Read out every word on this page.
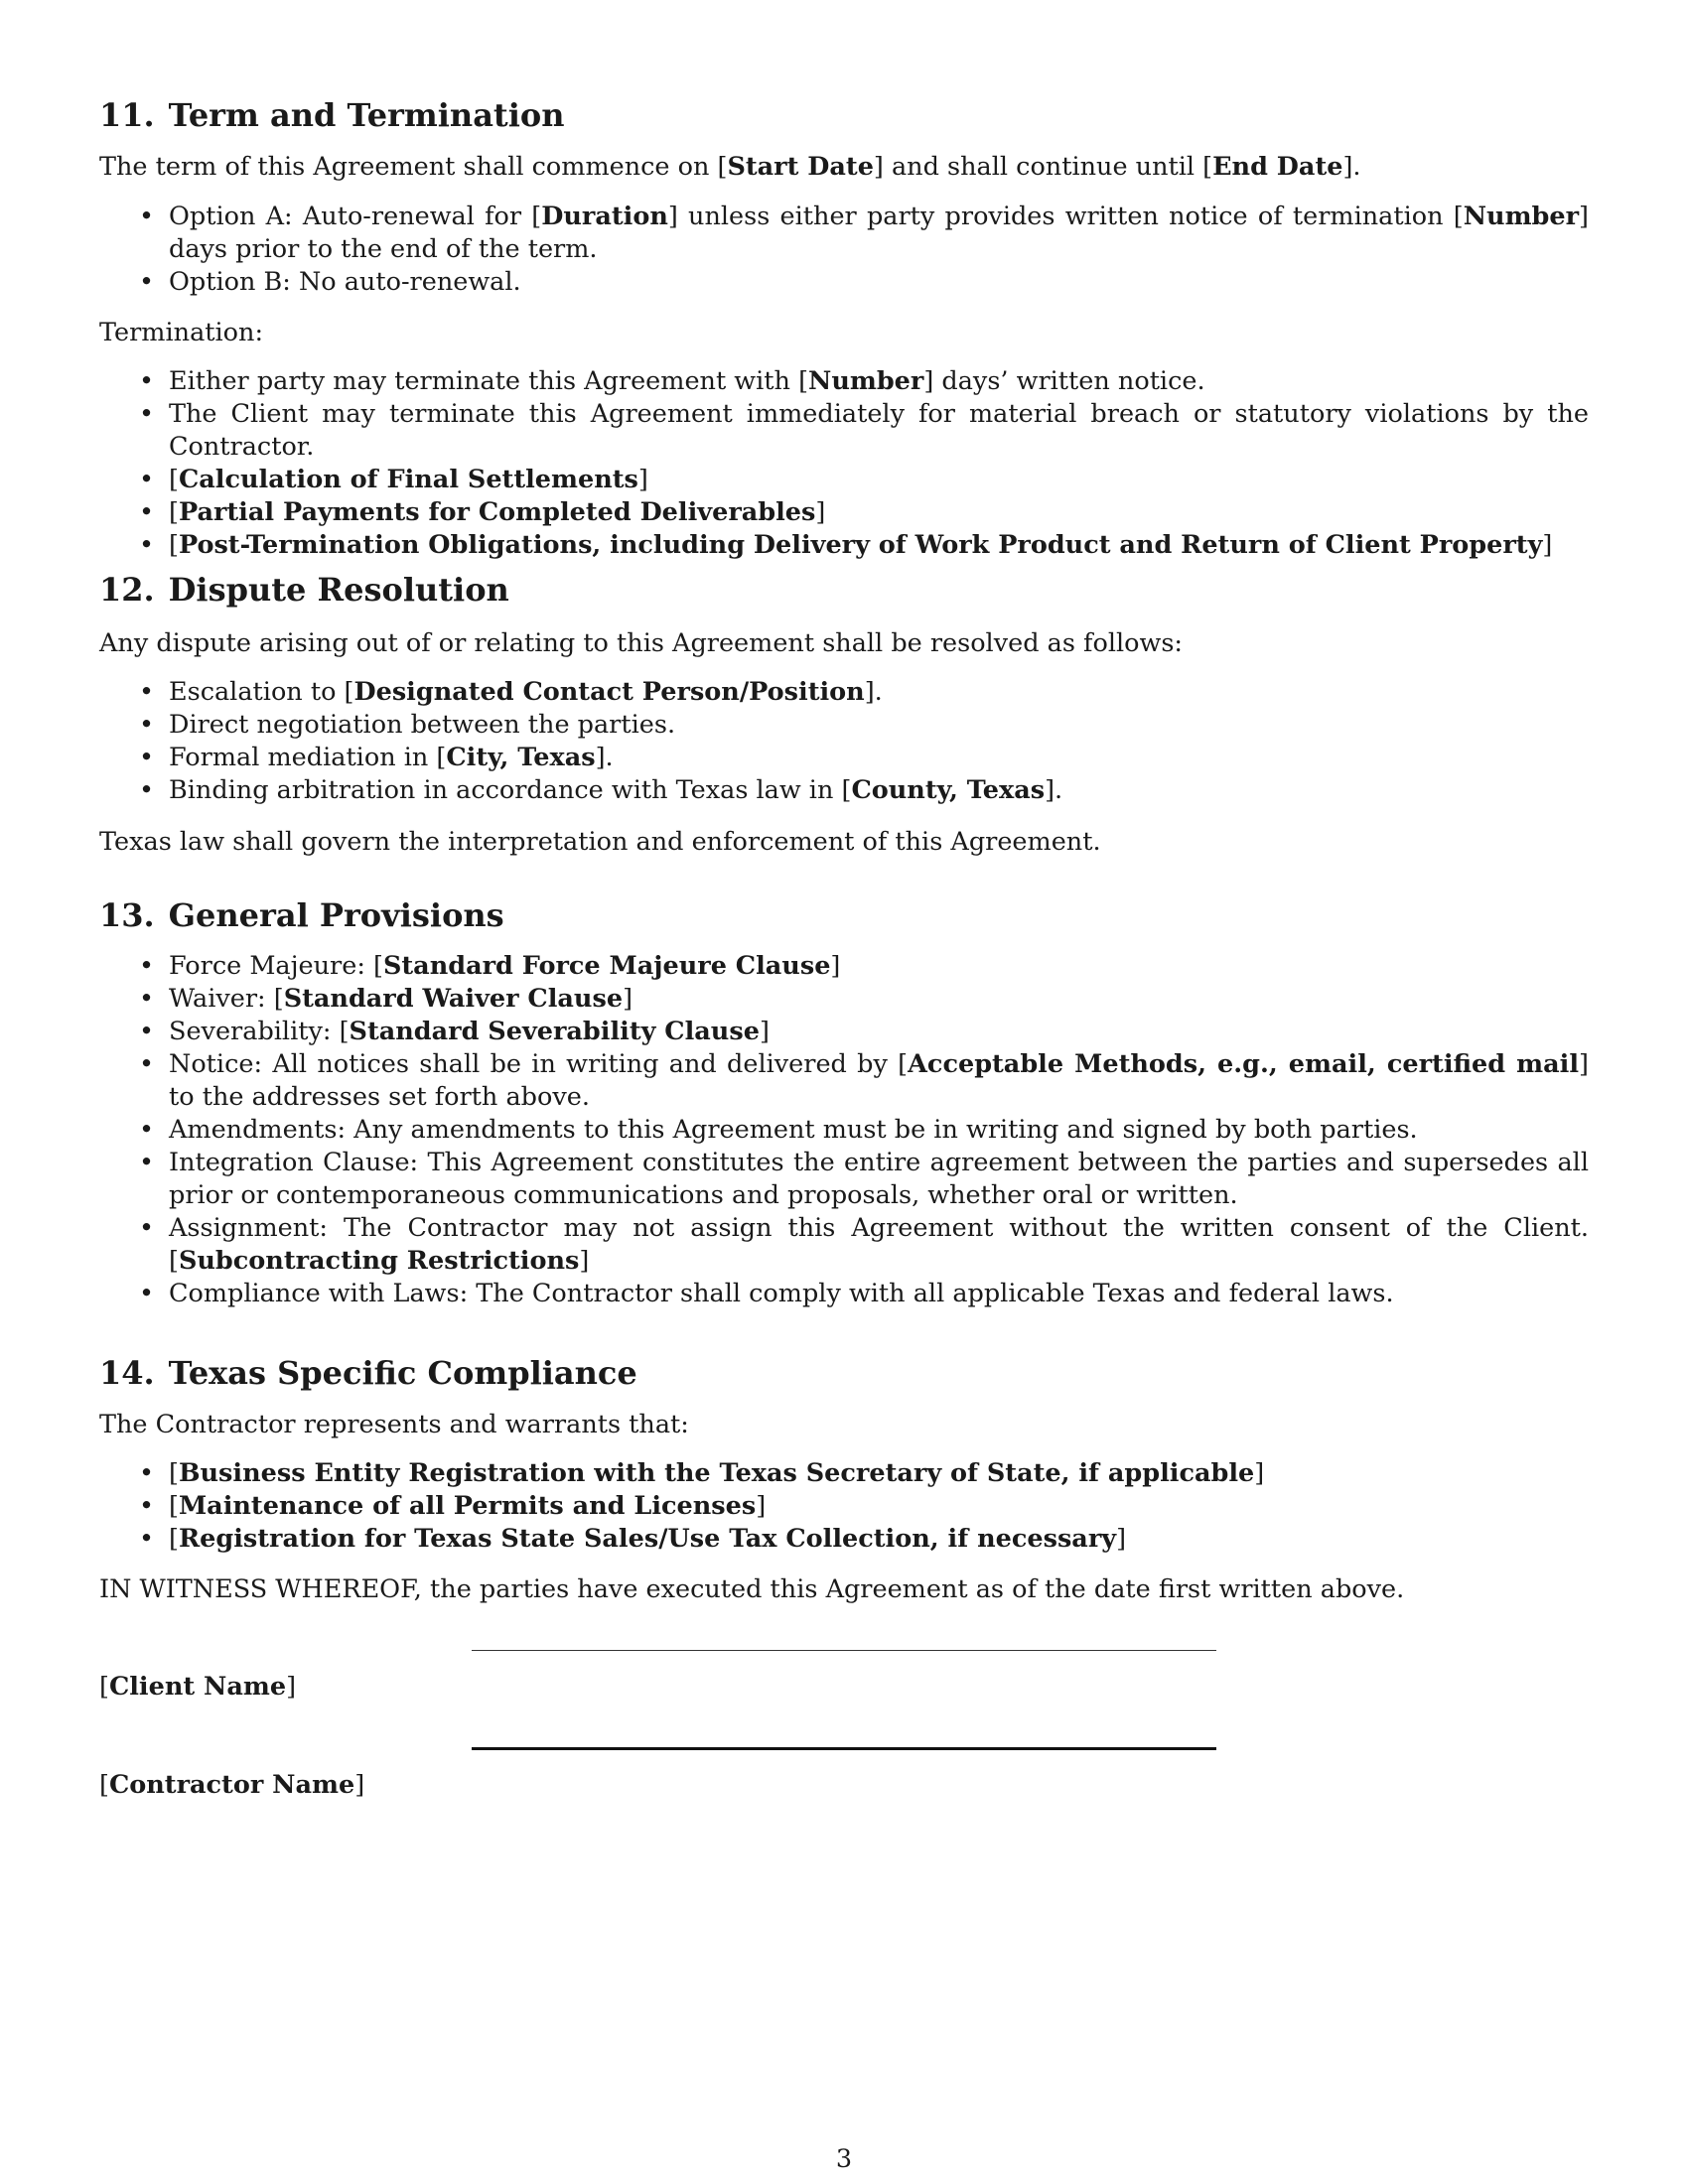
11. Term and Termination

The term of this Agreement shall commence on [Start Date] and shall continue until [End Date].

• Option A: Auto-renewal for [Duration] unless either party provides written notice of termination [Number] days prior to the end of the term.
• Option B: No auto-renewal.

Termination:

• Either party may terminate this Agreement with [Number] days’ written notice.
• The Client may terminate this Agreement immediately for material breach or statutory violations by the Contractor.
• [Calculation of Final Settlements]
• [Partial Payments for Completed Deliverables]
• [Post-Termination Obligations, including Delivery of Work Product and Return of Client Property]
12. Dispute Resolution

Any dispute arising out of or relating to this Agreement shall be resolved as follows:

• Escalation to [Designated Contact Person/Position].
• Direct negotiation between the parties.
• Formal mediation in [City, Texas].
• Binding arbitration in accordance with Texas law in [County, Texas].

Texas law shall govern the interpretation and enforcement of this Agreement.

13. General Provisions
• Force Majeure: [Standard Force Majeure Clause]
• Waiver: [Standard Waiver Clause]
• Severability: [Standard Severability Clause]
• Notice: All notices shall be in writing and delivered by [Acceptable Methods, e.g., email, certified mail] to the addresses set forth above.
• Amendments: Any amendments to this Agreement must be in writing and signed by both parties.
• Integration Clause: This Agreement constitutes the entire agreement between the parties and supersedes all prior or contemporaneous communications and proposals, whether oral or written.
• Assignment: The Contractor may not assign this Agreement without the written consent of the Client. [Subcontracting Restrictions]
• Compliance with Laws: The Contractor shall comply with all applicable Texas and federal laws.
14. Texas Specific Compliance

The Contractor represents and warrants that:

• [Business Entity Registration with the Texas Secretary of State, if applicable]
• [Maintenance of all Permits and Licenses]
• [Registration for Texas State Sales/Use Tax Collection, if necessary]

IN WITNESS WHEREOF, the parties have executed this Agreement as of the date first written above.

[Client Name]

[Contractor Name]

3
